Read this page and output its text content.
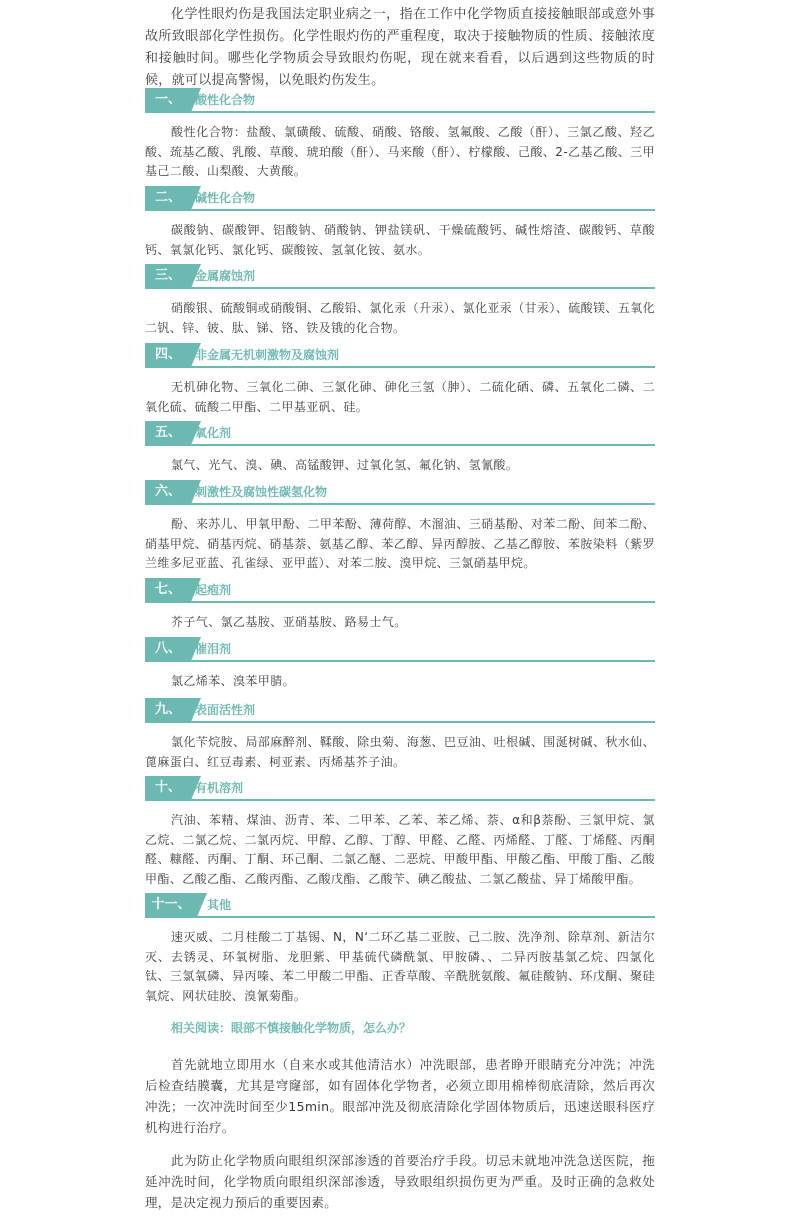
化学性眼灼伤是我国法定职业病之一，指在工作中化学物质直接接触眼部或意外事故所致眼部化学性损伤。化学性眼灼伤的严重程度，取决于接触物质的性质、接触浓度和接触时间。哪些化学物质会导致眼灼伤呢，现在就来看看，以后遇到这些物质的时候，就可以提高警惕，以免眼灼伤发生。

一、	酸性化合物

酸性化合物：盐酸、氯磺酸、硫酸、硝酸、铬酸、氢氟酸、乙酸（酐）、三氯乙酸、羟乙酸、巯基乙酸、乳酸、草酸、琥珀酸（酐）、马来酸（酐）、柠檬酸、己酸、2-乙基乙酸、三甲基己二酸、山梨酸、大黄酸。

二、	碱性化合物

碳酸钠、碳酸钾、铝酸钠、硝酸钠、钾盐镁矾、干燥硫酸钙、碱性熔渣、碳酸钙、草酸钙、氧氯化钙、氯化钙、碳酸铵、氢氧化铵、氨水。

三、	金属腐蚀剂

硝酸银、硫酸铜或硝酸铜、乙酸铅、氯化汞（升汞）、氯化亚汞（甘汞）、硫酸镁、五氧化二钒、锌、铍、肽、锑、铬、铁及锇的化合物。

四、	非金属无机刺激物及腐蚀剂

无机砷化物、三氧化二砷、三氯化砷、砷化三氢（胂）、二硫化硒、磷、五氧化二磷、二氧化硫、硫酸二甲酯、二甲基亚矾、硅。

五、	氧化剂

氯气、光气、溴、碘、高锰酸钾、过氧化氢、氟化钠、氢氰酸。

六、	刺激性及腐蚀性碳氢化物

酚、来苏儿、甲氧甲酚、二甲苯酚、薄荷醇、木溜油、三硝基酚、对苯二酚、间苯二酚、硝基甲烷、硝基丙烷、硝基萘、氨基乙醇、苯乙醇、异丙醇胺、乙基乙醇胺、苯胺染料（紫罗兰维多尼亚蓝、孔雀绿、亚甲蓝）、对苯二胺、溴甲烷、三氯硝基甲烷。

七、	起疱剂

芥子气、氯乙基胺、亚硝基胺、路易士气。

八、	催泪剂

氯乙烯苯、溴苯甲腈。

九、	表面活性剂

氯化苄烷胺、局部麻醉剂、鞣酸、除虫菊、海葱、巴豆油、吐根碱、围涎树碱、秋水仙、蓖麻蛋白、红豆毒素、柯亚素、丙烯基芥子油。

十、	有机溶剂

汽油、苯精、煤油、沥青、苯、二甲苯、乙苯、苯乙烯、萘、α和β萘酚、三氯甲烷、氯乙烷、二氯乙烷、二氯丙烷、甲醇、乙醇、丁醇、甲醛、乙醛、丙烯醛、丁醛、丁烯醛、丙酮醛、糠醛、丙酮、丁酮、环己酮、二氯乙醚、二恶烷、甲酸甲酯、甲酸乙酯、甲酸丁酯、乙酸甲酯、乙酸乙酯、乙酸丙酯、乙酸戊酯、乙酸苄、碘乙酸盐、二氯乙酸盐、异丁烯酸甲酯。

十一、	其他

速灭威、二月桂酸二丁基锡、N，N‘二环乙基二亚胺、己二胺、洗净剂、除草剂、新洁尔灭、去锈灵、环氧树脂、龙胆紫、甲基硫代磷酰氯、甲胺磷、、二异丙胺基氯乙烷、四氯化钛、三氯氧磷、异丙嗪、苯二甲酸二甲酯、正香草酸、辛酰胱氨酸、氟硅酸钠、环戊酮、聚硅氧烷、网状硅胶、溴氰菊酯。

相关阅读：眼部不慎接触化学物质，怎么办？

首先就地立即用水（自来水或其他清洁水）冲洗眼部，患者睁开眼睛充分冲洗；冲洗后检查结膜囊，尤其是穹窿部，如有固体化学物者，必须立即用棉棒彻底清除，然后再次冲洗；一次冲洗时间至少15min。眼部冲洗及彻底清除化学固体物质后，迅速送眼科医疗机构进行治疗。

此为防止化学物质向眼组织深部渗透的首要治疗手段。切忌未就地冲洗急送医院，拖延冲洗时间，化学物质向眼组织深部渗透，导致眼组织损伤更为严重。及时正确的急救处理，是决定视力预后的重要因素。
